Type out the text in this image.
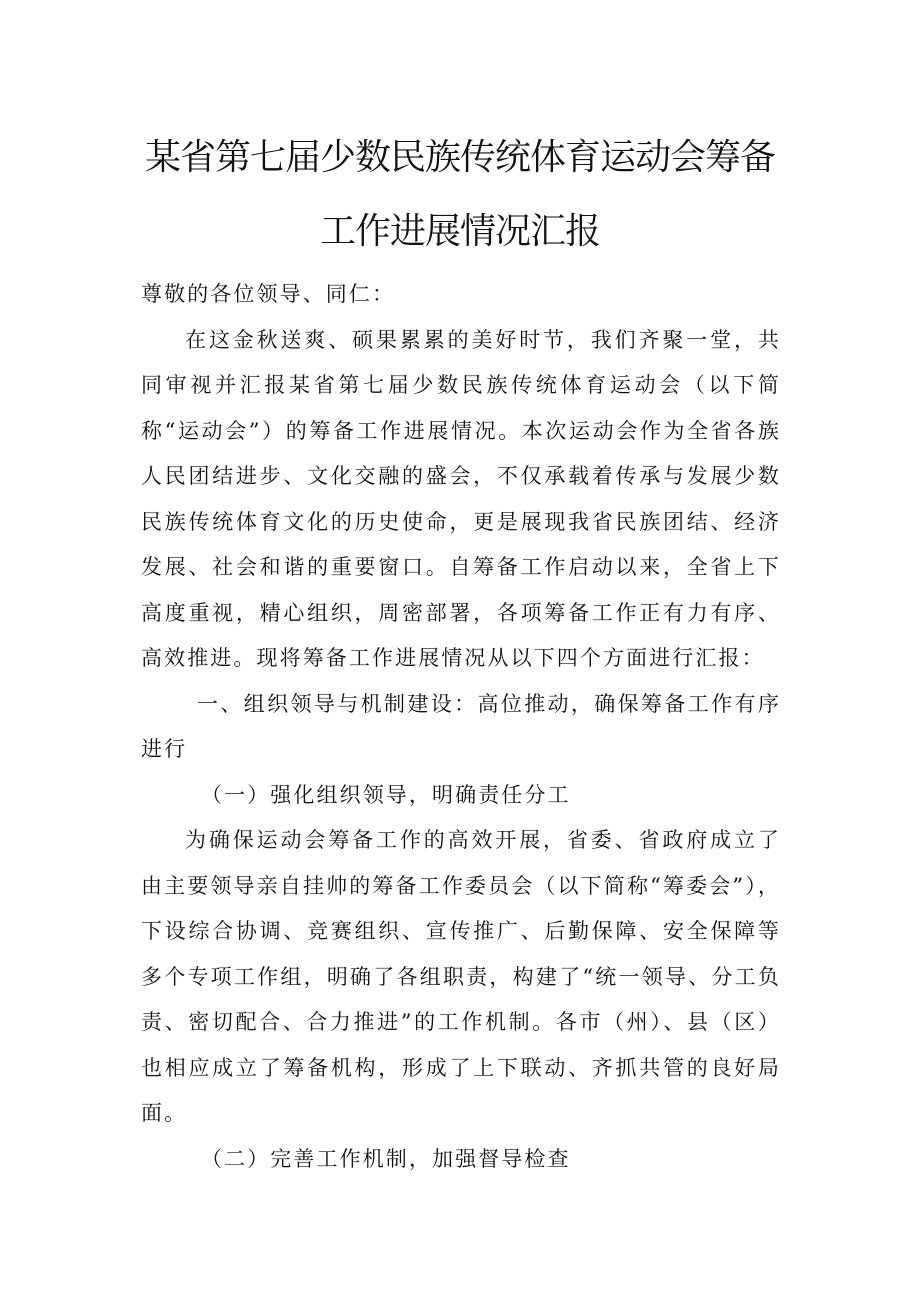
某省第七届少数民族传统体育运动会筹备
工作进展情况汇报

尊敬的各位领导、同仁：

在这金秋送爽、硕果累累的美好时节，我们齐聚一堂，共同审视并汇报某省第七届少数民族传统体育运动会（以下简称“运动会”）的筹备工作进展情况。本次运动会作为全省各族人民团结进步、文化交融的盛会，不仅承载着传承与发展少数民族传统体育文化的历史使命，更是展现我省民族团结、经济发展、社会和谐的重要窗口。自筹备工作启动以来，全省上下高度重视，精心组织，周密部署，各项筹备工作正有力有序、高效推进。现将筹备工作进展情况从以下四个方面进行汇报：

一、组织领导与机制建设：高位推动，确保筹备工作有序进行

（一）强化组织领导，明确责任分工

为确保运动会筹备工作的高效开展，省委、省政府成立了由主要领导亲自挂帅的筹备工作委员会（以下简称“筹委会”），下设综合协调、竞赛组织、宣传推广、后勤保障、安全保障等多个专项工作组，明确了各组职责，构建了“统一领导、分工负责、密切配合、合力推进”的工作机制。各市（州）、县（区）也相应成立了筹备机构，形成了上下联动、齐抓共管的良好局面。

（二）完善工作机制，加强督导检查
